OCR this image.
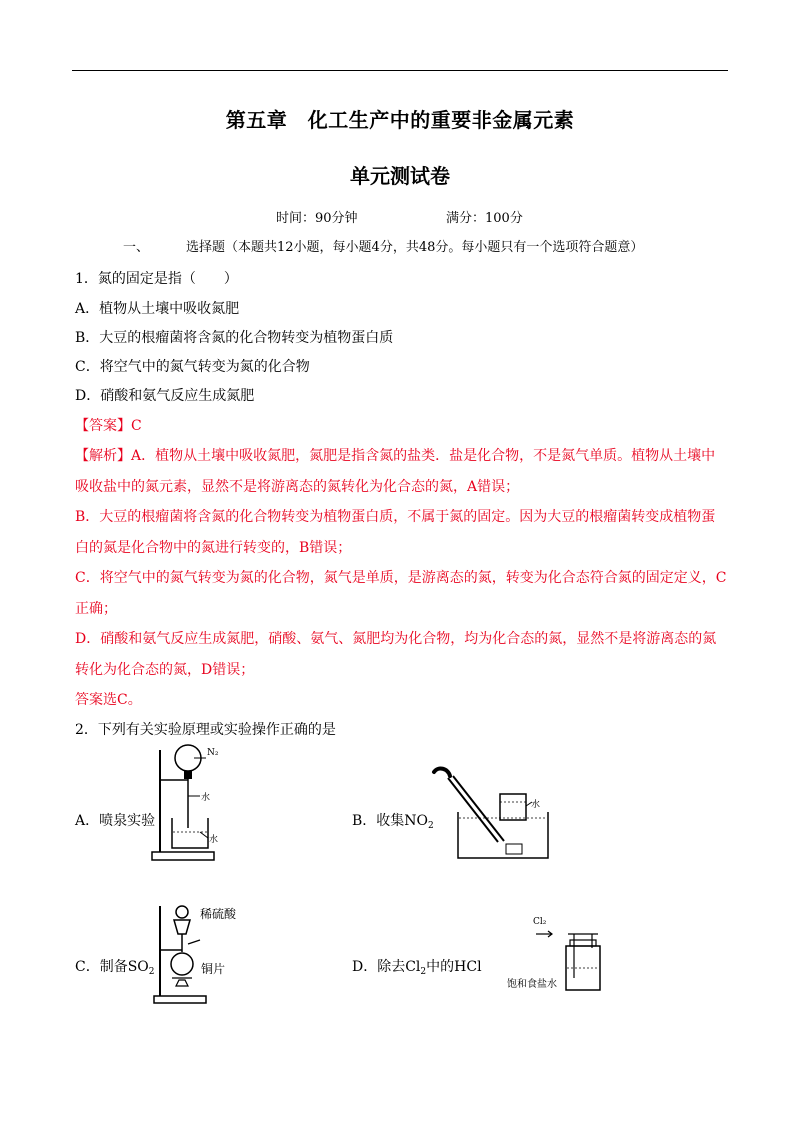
第五章　化工生产中的重要非金属元素
单元测试卷
时间：90分钟	满分：100分
一、	选择题（本题共12小题，每小题4分，共48分。每小题只有一个选项符合题意）
1．氮的固定是指（　　）
A．植物从土壤中吸收氮肥
B．大豆的根瘤菌将含氮的化合物转变为植物蛋白质
C．将空气中的氮气转变为氮的化合物
D．硝酸和氨气反应生成氮肥
【答案】C
【解析】A．植物从土壤中吸收氮肥，氮肥是指含氮的盐类．盐是化合物，不是氮气单质。植物从土壤中
吸收盐中的氮元素，显然不是将游离态的氮转化为化合态的氮，A错误；
B．大豆的根瘤菌将含氮的化合物转变为植物蛋白质，不属于氮的固定。因为大豆的根瘤菌转变成植物蛋
白的氮是化合物中的氮进行转变的，B错误；
C．将空气中的氮气转变为氮的化合物，氮气是单质，是游离态的氮，转变为化合态符合氮的固定定义，C
正确；
D．硝酸和氨气反应生成氮肥，硝酸、氨气、氮肥均为化合物，均为化合态的氮，显然不是将游离态的氮
转化为化合态的氮，D错误；
答案选C。
2．下列有关实验原理或实验操作正确的是
A．喷泉实验
N₂
水
水
B．收集$NO_2$
水
C．制备$SO_2$
稀硫酸
铜片	D．除去$Cl_2$中的HCl
Cl₂
饱和食盐水
